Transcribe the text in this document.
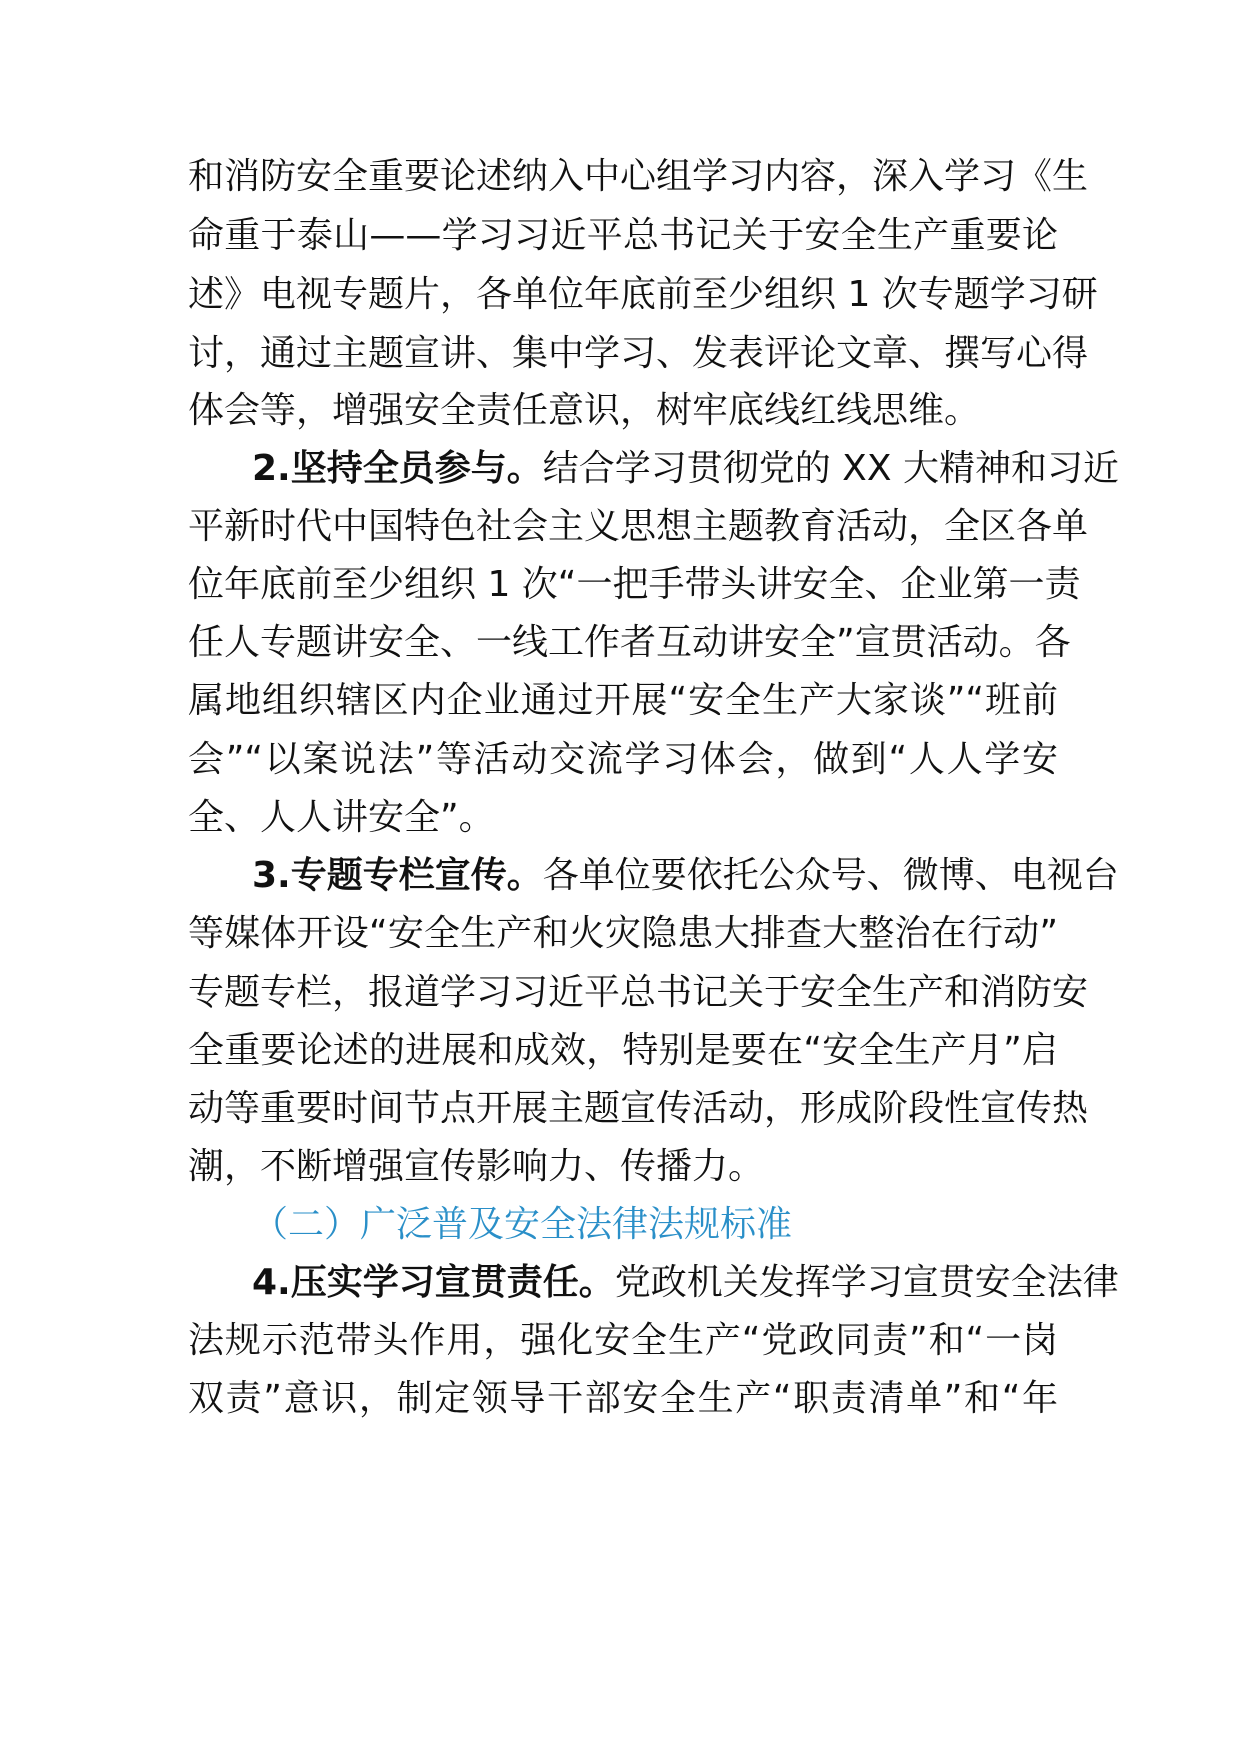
和消防安全重要论述纳入中心组学习内容，深入学习《生
命重于泰山——学习习近平总书记关于安全生产重要论
述》电视专题片，各单位年底前至少组织 1 次专题学习研
讨，通过主题宣讲、集中学习、发表评论文章、撰写心得
体会等，增强安全责任意识，树牢底线红线思维。
2.坚持全员参与。结合学习贯彻党的 XX 大精神和习近
平新时代中国特色社会主义思想主题教育活动，全区各单
位年底前至少组织 1 次“一把手带头讲安全、企业第一责
任人专题讲安全、一线工作者互动讲安全”宣贯活动。各
属地组织辖区内企业通过开展“安全生产大家谈”“班前
会”“以案说法”等活动交流学习体会，做到“人人学安
全、人人讲安全”。
3.专题专栏宣传。各单位要依托公众号、微博、电视台
等媒体开设“安全生产和火灾隐患大排查大整治在行动”
专题专栏，报道学习习近平总书记关于安全生产和消防安
全重要论述的进展和成效，特别是要在“安全生产月”启
动等重要时间节点开展主题宣传活动，形成阶段性宣传热
潮，不断增强宣传影响力、传播力。
（二）广泛普及安全法律法规标准
4.压实学习宣贯责任。党政机关发挥学习宣贯安全法律
法规示范带头作用，强化安全生产“党政同责”和“一岗
双责”意识，制定领导干部安全生产“职责清单”和“年
